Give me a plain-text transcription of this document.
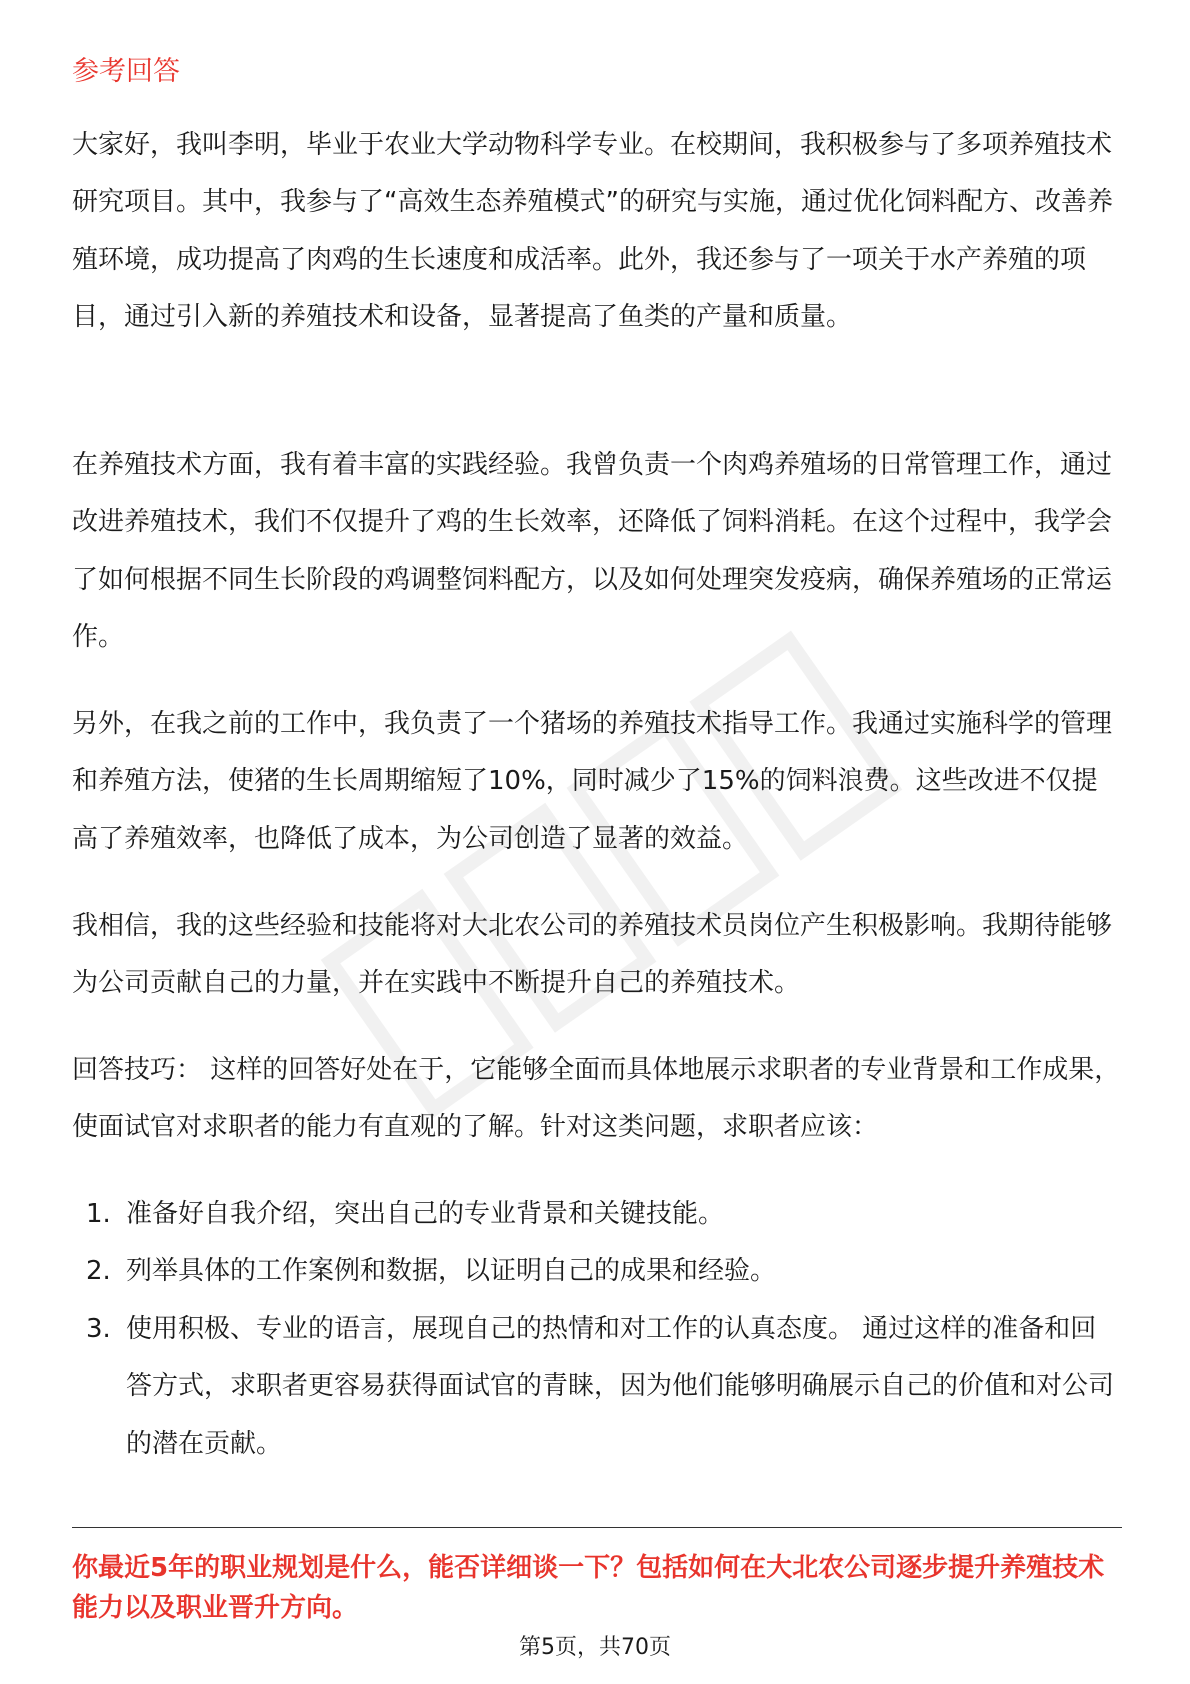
参考回答

大家好，我叫李明，毕业于农业大学动物科学专业。在校期间，我积极参与了多项养殖技术研究项目。其中，我参与了“高效生态养殖模式”的研究与实施，通过优化饲料配方、改善养殖环境，成功提高了肉鸡的生长速度和成活率。此外，我还参与了一项关于水产养殖的项目，通过引入新的养殖技术和设备，显著提高了鱼类的产量和质量。

在养殖技术方面，我有着丰富的实践经验。我曾负责一个肉鸡养殖场的日常管理工作，通过改进养殖技术，我们不仅提升了鸡的生长效率，还降低了饲料消耗。在这个过程中，我学会了如何根据不同生长阶段的鸡调整饲料配方，以及如何处理突发疫病，确保养殖场的正常运作。

另外，在我之前的工作中，我负责了一个猪场的养殖技术指导工作。我通过实施科学的管理和养殖方法，使猪的生长周期缩短了10%，同时减少了15%的饲料浪费。这些改进不仅提高了养殖效率，也降低了成本，为公司创造了显著的效益。

我相信，我的这些经验和技能将对大北农公司的养殖技术员岗位产生积极影响。我期待能够为公司贡献自己的力量，并在实践中不断提升自己的养殖技术。

回答技巧： 这样的回答好处在于，它能够全面而具体地展示求职者的专业背景和工作成果，使面试官对求职者的能力有直观的了解。针对这类问题，求职者应该：

1. 准备好自我介绍，突出自己的专业背景和关键技能。
2. 列举具体的工作案例和数据，以证明自己的成果和经验。
3. 使用积极、专业的语言，展现自己的热情和对工作的认真态度。 通过这样的准备和回答方式，求职者更容易获得面试官的青睐，因为他们能够明确展示自己的价值和对公司的潜在贡献。

你最近5年的职业规划是什么，能否详细谈一下？包括如何在大北农公司逐步提升养殖技术能力以及职业晋升方向。

第5页，共70页
